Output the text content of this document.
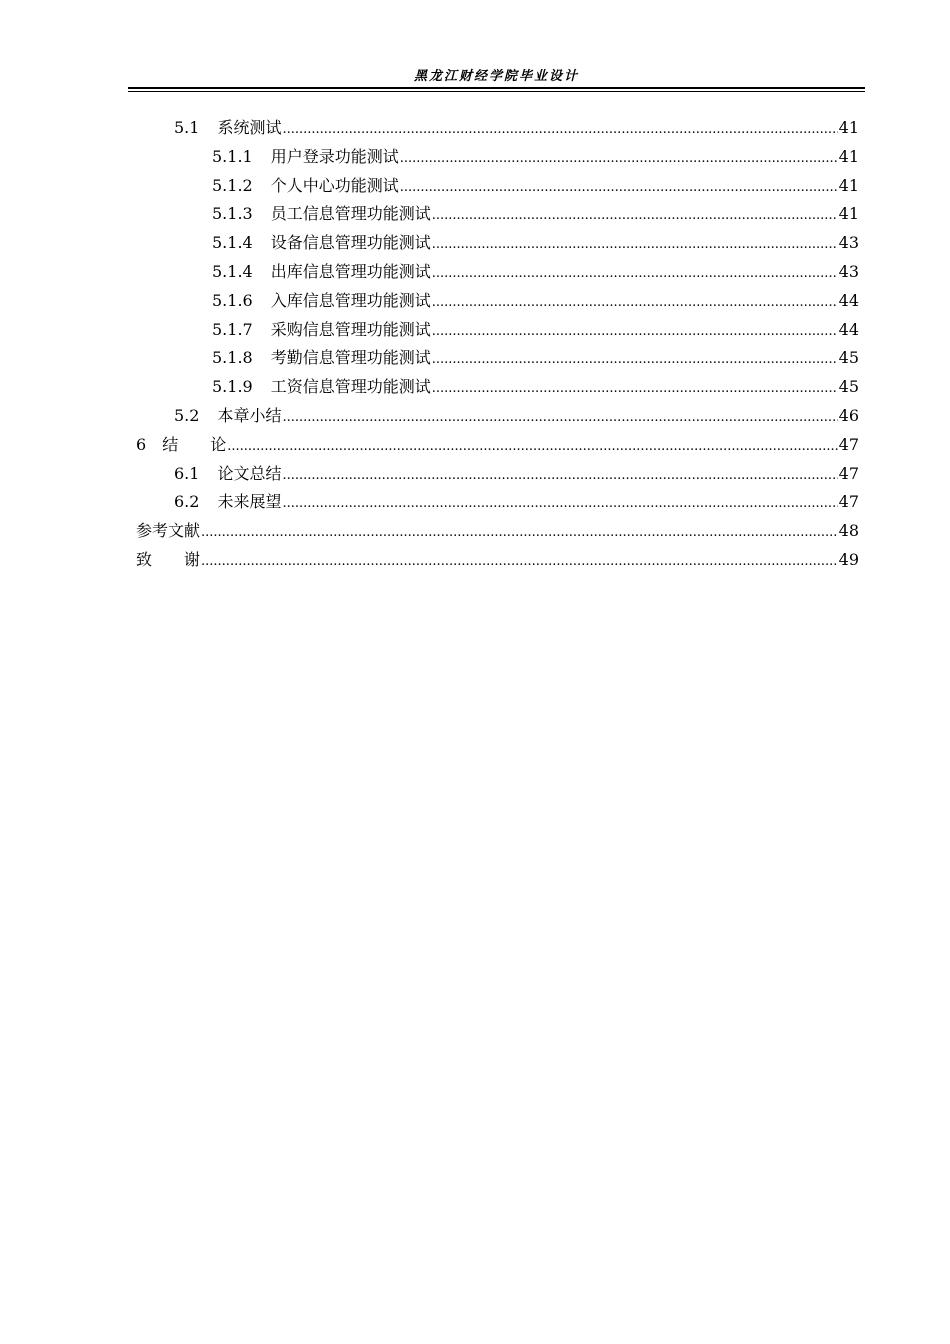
黑龙江财经学院毕业设计
5.1 系统测试 .....	41
5.1.1 用户登录功能测试 .....	41
5.1.2 个人中心功能测试 .....	41
5.1.3 员工信息管理功能测试 .....	41
5.1.4 设备信息管理功能测试 .....	43
5.1.4 出库信息管理功能测试 .....	43
5.1.6 入库信息管理功能测试 .....	44
5.1.7 采购信息管理功能测试 .....	44
5.1.8 考勤信息管理功能测试 .....	45
5.1.9 工资信息管理功能测试 .....	45
5.2 本章小结 .....	46
6 结　　论 .....	47
6.1 论文总结 .....	47
6.2 未来展望 .....	47
参考文献 .....	48
致　　谢 .....	49
